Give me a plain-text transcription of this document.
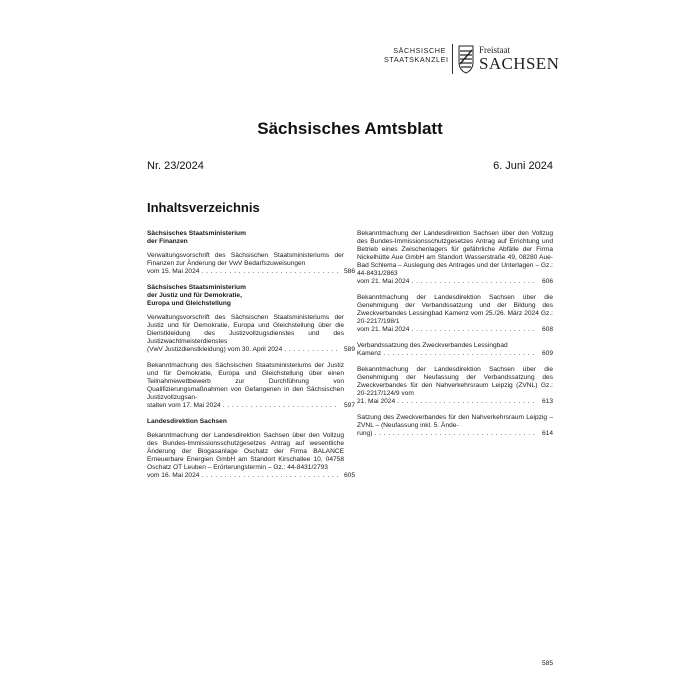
SÄCHSISCHE
STAATSKANZLEI
Freistaat
SACHSEN
Sächsisches Amtsblatt
Nr. 23/2024	6. Juni 2024
Inhaltsverzeichnis
Sächsisches Staatsministerium
der Finanzen
Verwaltungsvorschrift des Sächsischen Staatsministeriums der Finanzen zur Änderung der VwV Bedarfszuweisungen
vom 15. Mai 2024 . . .	586
Sächsisches Staatsministerium
der Justiz und für Demokratie,
Europa und Gleichstellung
Verwaltungsvorschrift des Sächsischen Staatsministeriums der Justiz und für Demokratie, Europa und Gleichstellung über die Dienstkleidung des Justizvollzugsdienstes und des Justizwachtmeisterdienstes
(VwV Justizdienstkleidung) vom 30. April 2024 . . .	589
Bekanntmachung des Sächsischen Staatsministeriums der Justiz und für Demokratie, Europa und Gleichstellung über einen Teilnahmewettbewerb zur Durchführung von Qualifizierungsmaßnahmen von Gefangenen in den Sächsischen Justizvollzugsan-
stalten vom 17. Mai 2024 . . .	597
Landesdirektion Sachsen
Bekanntmachung der Landesdirektion Sachsen über den Vollzug des Bundes-Immissionsschutzgesetzes Antrag auf wesentliche Änderung der Biogasanlage Oschatz der Firma BALANCE Erneuerbare Energien GmbH am Standort Kirschallee 10, 04758 Oschatz OT Leuben – Erörterungstermin – Gz.: 44-8431/2793
vom 16. Mai 2024 . . .	605
Bekanntmachung der Landesdirektion Sachsen über den Vollzug des Bundes-Immissionsschutzgesetzes Antrag auf Errichtung und Betrieb eines Zwischenlagers für gefährliche Abfälle der Firma Nickelhütte Aue GmbH am Standort Wasserstraße 49, 08280 Aue-Bad Schlema – Auslegung des Antrages und der Unterlagen – Gz.: 44-8431/2863
vom 21. Mai 2024 . . .	606
Bekanntmachung der Landesdirektion Sachsen über die Genehmigung der Verbandssatzung und der Bildung des Zweckverbandes Lessingbad Kamenz vom 25./26. März 2024 Gz.: 20-2217/198/1
vom 21. Mai 2024 . . .	608
Verbandssatzung des Zweckverbandes Lessingbad
Kamenz . . .	609
Bekanntmachung der Landesdirektion Sachsen über die Genehmigung der Neufassung der Verbandssatzung des Zweckverbandes für den Nahverkehrsraum Leipzig (ZVNL) Gz.: 20-2217/124/9 vom
21. Mai 2024 . . .	613
Satzung des Zweckverbandes für den Nahverkehrsraum Leipzig – ZVNL – (Neufassung inkl. 5. Ände-
rung) . . .	614
585
